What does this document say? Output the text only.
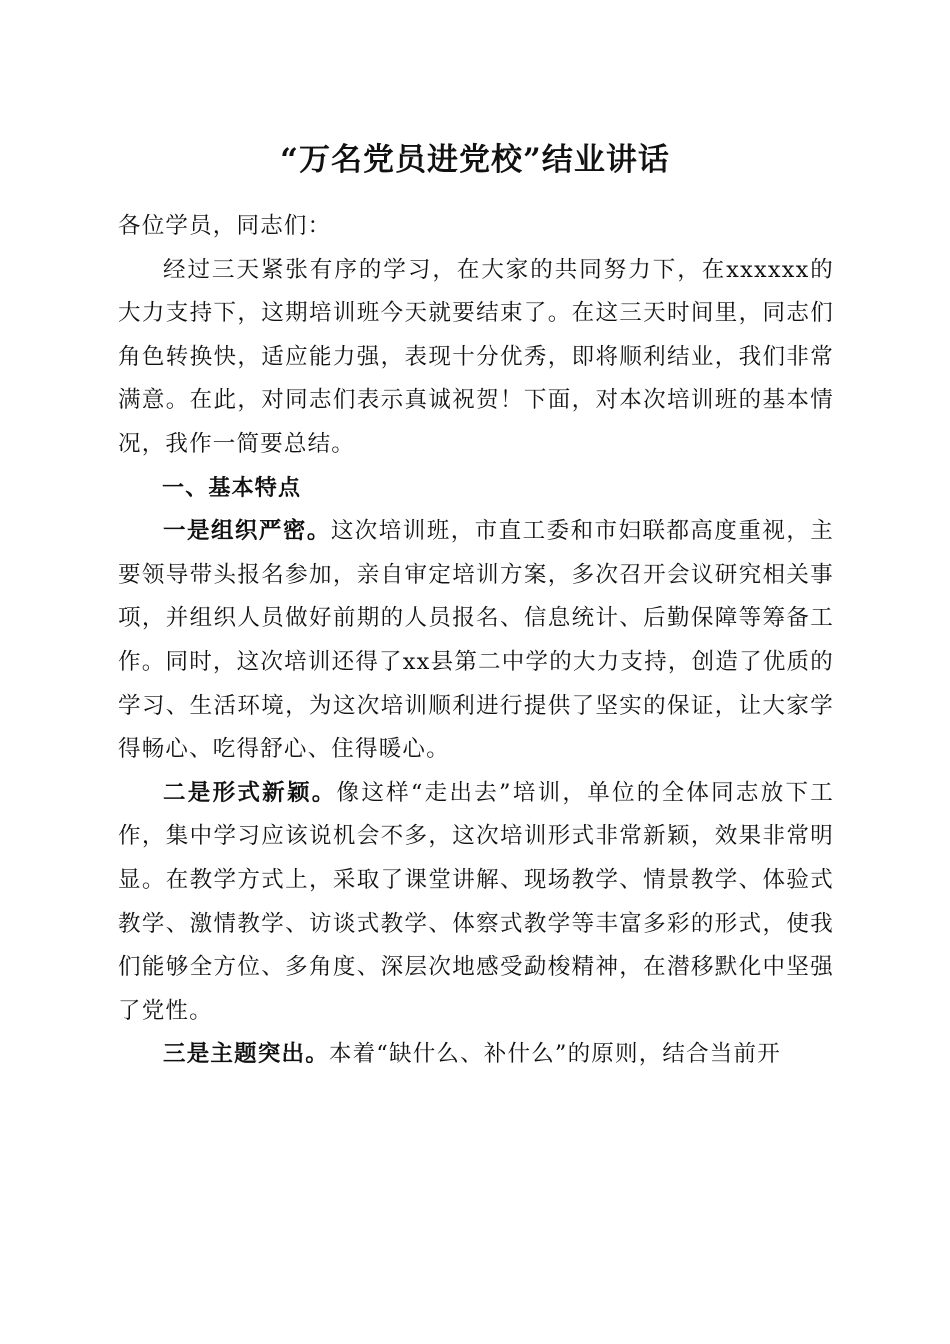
“万名党员进党校”结业讲话

各位学员，同志们：

经过三天紧张有序的学习，在大家的共同努力下，在xxxxxx的大力支持下，这期培训班今天就要结束了。在这三天时间里，同志们角色转换快，适应能力强，表现十分优秀，即将顺利结业，我们非常满意。在此，对同志们表示真诚祝贺！下面，对本次培训班的基本情况，我作一简要总结。

一、基本特点

一是组织严密。这次培训班，市直工委和市妇联都高度重视，主要领导带头报名参加，亲自审定培训方案，多次召开会议研究相关事项，并组织人员做好前期的人员报名、信息统计、后勤保障等筹备工作。同时，这次培训还得了xx县第二中学的大力支持，创造了优质的学习、生活环境，为这次培训顺利进行提供了坚实的保证，让大家学得畅心、吃得舒心、住得暖心。

二是形式新颖。像这样“走出去”培训，单位的全体同志放下工作，集中学习应该说机会不多，这次培训形式非常新颖，效果非常明显。在教学方式上，采取了课堂讲解、现场教学、情景教学、体验式教学、激情教学、访谈式教学、体察式教学等丰富多彩的形式，使我们能够全方位、多角度、深层次地感受勐梭精神，在潜移默化中坚强了党性。

三是主题突出。本着“缺什么、补什么”的原则，结合当前开
